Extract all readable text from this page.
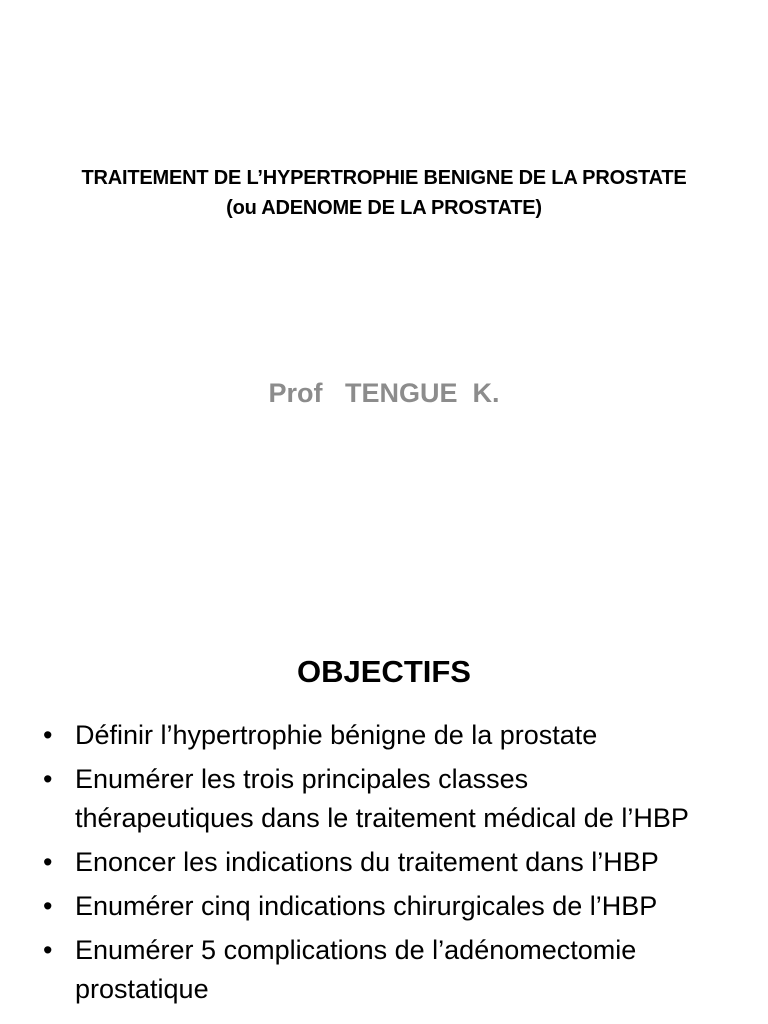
TRAITEMENT DE L’HYPERTROPHIE BENIGNE DE LA PROSTATE
(ou ADENOME DE LA PROSTATE)
Prof   TENGUE  K.
OBJECTIFS
• Définir l’hypertrophie bénigne de la prostate
• Enumérer les trois principales classes thérapeutiques dans le traitement médical de l’HBP
• Enoncer les indications du traitement dans l’HBP
• Enumérer cinq indications chirurgicales de l’HBP
• Enumérer 5 complications de l’adénomectomie prostatique
